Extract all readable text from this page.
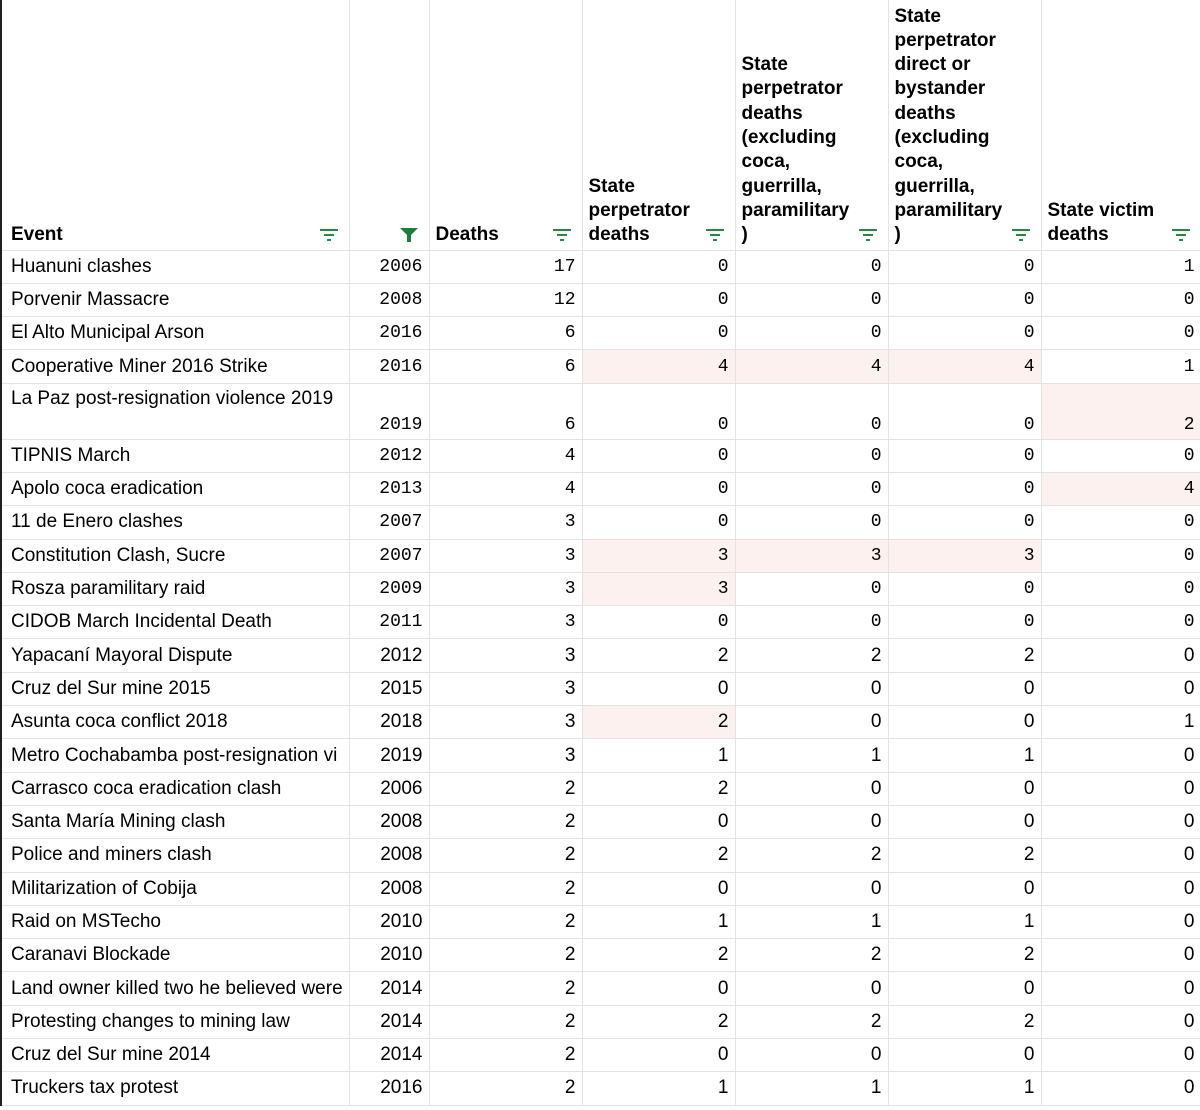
Event		Deaths	State perpetrator deaths	State perpetrator deaths (excluding coca, guerrilla, paramilitary )	State perpetrator direct or bystander deaths (excluding coca, guerrilla, paramilitary )	State victim deaths

Huanuni clashes	2006	17	0	0	0	1
Porvenir Massacre	2008	12	0	0	0	0
El Alto Municipal Arson	2016	6	0	0	0	0
Cooperative Miner 2016 Strike	2016	6	4	4	4	1
La Paz post-resignation violence 2019	2019	6	0	0	0	2
TIPNIS March	2012	4	0	0	0	0
Apolo coca eradication	2013	4	0	0	0	4
11 de Enero clashes	2007	3	0	0	0	0
Constitution Clash, Sucre	2007	3	3	3	3	0
Rosza paramilitary raid	2009	3	3	0	0	0
CIDOB March Incidental Death	2011	3	0	0	0	0
Yapacaní Mayoral Dispute	2012	3	2	2	2	0
Cruz del Sur mine 2015	2015	3	0	0	0	0
Asunta coca conflict 2018	2018	3	2	0	0	1
Metro Cochabamba post-resignation vi	2019	3	1	1	1	0
Carrasco coca eradication clash	2006	2	2	0	0	0
Santa María Mining clash	2008	2	0	0	0	0
Police and miners clash	2008	2	2	2	2	0
Militarization of Cobija	2008	2	0	0	0	0
Raid on MSTecho	2010	2	1	1	1	0
Caranavi Blockade	2010	2	2	2	2	0
Land owner killed two he believed were	2014	2	0	0	0	0
Protesting changes to mining law	2014	2	2	2	2	0
Cruz del Sur mine 2014	2014	2	0	0	0	0
Truckers tax protest	2016	2	1	1	1	0
